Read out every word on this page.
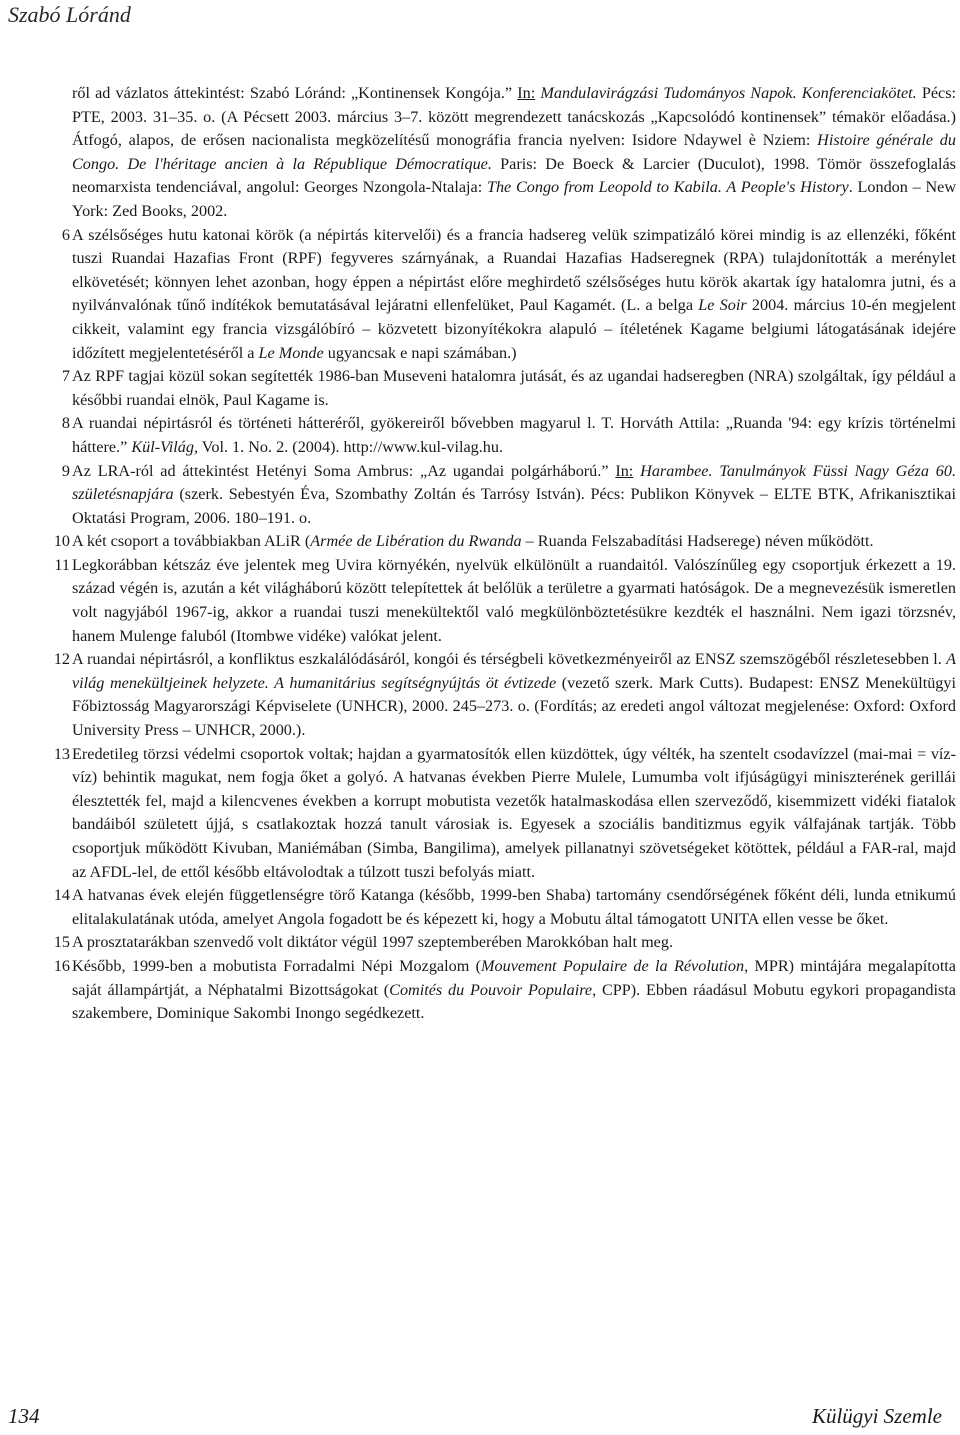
Szabó Lóránd
ről ad vázlatos áttekintést: Szabó Lóránd: „Kontinensek Kongója.” In: Mandulavirágzási Tudományos Napok. Konferenciakötet. Pécs: PTE, 2003. 31–35. o. (A Pécsett 2003. március 3–7. között megrendezett tanácskozás „Kapcsolódó kontinensek” témakör előadása.) Átfogó, alapos, de erősen nacionalista megközelítésű monográfia francia nyelven: Isidore Ndaywel è Nziem: Histoire générale du Congo. De l'héritage ancien à la République Démocratique. Paris: De Boeck & Larcier (Duculot), 1998. Tömör összefoglalás neomarxista tendenciával, angolul: Georges Nzongola-Ntalaja: The Congo from Leopold to Kabila. A People's History. London – New York: Zed Books, 2002.
6 A szélsőséges hutu katonai körök (a népirtás kitervelői) és a francia hadsereg velük szimpatizáló körei mindig is az ellenzéki, főként tuszi Ruandai Hazafias Front (RPF) fegyveres szárnyának, a Ruandai Hazafias Hadseregnek (RPA) tulajdonították a merénylet elkövetését; könnyen lehet azonban, hogy éppen a népirtást előre meghirdető szélsőséges hutu körök akartak így hatalomra jutni, és a nyilvánvalónak tűnő indítékok bemutatásával lejáratni ellenfelüket, Paul Kagamét. (L. a belga Le Soir 2004. március 10-én megjelent cikkeit, valamint egy francia vizsgálóbíró – közvetett bizonyítékokra alapuló – ítéletének Kagame belgiumi látogatásának idejére időzített megjelentetéséről a Le Monde ugyancsak e napi számában.)
7 Az RPF tagjai közül sokan segítették 1986-ban Museveni hatalomra jutását, és az ugandai hadseregben (NRA) szolgáltak, így például a későbbi ruandai elnök, Paul Kagame is.
8 A ruandai népirtásról és történeti hátteréről, gyökereiről bővebben magyarul l. T. Horváth Attila: „Ruanda '94: egy krízis történelmi háttere.” Kül-Világ, Vol. 1. No. 2. (2004). http://www.kul-vilag.hu.
9 Az LRA-ról ad áttekintést Hetényi Soma Ambrus: „Az ugandai polgárháború.” In: Harambee. Tanulmányok Füssi Nagy Géza 60. születésnapjára (szerk. Sebestyén Éva, Szombathy Zoltán és Tarrósy István). Pécs: Publikon Könyvek – ELTE BTK, Afrikanisztikai Oktatási Program, 2006. 180–191. o.
10 A két csoport a továbbiakban ALiR (Armée de Libération du Rwanda – Ruanda Felszabadítási Hadserege) néven működött.
11 Legkorábban kétszáz éve jelentek meg Uvira környékén, nyelvük elkülönült a ruandaitól. Valószínűleg egy csoportjuk érkezett a 19. század végén is, azután a két világháború között telepítettek át belőlük a területre a gyarmati hatóságok. De a megnevezésük ismeretlen volt nagyjából 1967-ig, akkor a ruandai tuszi menekültektől való megkülönböztetésükre kezdték el használni. Nem igazi törzsnév, hanem Mulenge faluból (Itombwe vidéke) valókat jelent.
12 A ruandai népirtásról, a konfliktus eszkalálódásáról, kongói és térségbeli következményeiről az ENSZ szemszögéből részletesebben l. A világ menekültjeinek helyzete. A humanitárius segítségnyújtás öt évtizede (vezető szerk. Mark Cutts). Budapest: ENSZ Menekültügyi Főbiztosság Magyarországi Képviselete (UNHCR), 2000. 245–273. o. (Fordítás; az eredeti angol változat megjelenése: Oxford: Oxford University Press – UNHCR, 2000.).
13 Eredetileg törzsi védelmi csoportok voltak; hajdan a gyarmatosítók ellen küzdöttek, úgy vélték, ha szentelt csodavízzel (mai-mai = víz-víz) behintik magukat, nem fogja őket a golyó. A hatvanas években Pierre Mulele, Lumumba volt ifjúságügyi miniszterének gerillái élesztették fel, majd a kilencvenes években a korrupt mobutista vezetők hatalmaskodása ellen szerveződő, kisemmizett vidéki fiatalok bandáiból született újjá, s csatlakoztak hozzá tanult városiak is. Egyesek a szociális banditizmus egyik válfajának tartják. Több csoportjuk működött Kivuban, Maniémában (Simba, Bangilima), amelyek pillanatnyi szövetségeket kötöttek, például a FAR-ral, majd az AFDL-lel, de ettől később eltávolodtak a túlzott tuszi befolyás miatt.
14 A hatvanas évek elején függetlenségre törő Katanga (később, 1999-ben Shaba) tartomány csendőrségének főként déli, lunda etnikumú elitalakulatának utóda, amelyet Angola fogadott be és képezett ki, hogy a Mobutu által támogatott UNITA ellen vesse be őket.
15 A prosztatarákban szenvedő volt diktátor végül 1997 szeptemberében Marokkóban halt meg.
16 Később, 1999-ben a mobutista Forradalmi Népi Mozgalom (Mouvement Populaire de la Révolution, MPR) mintájára megalapította saját állampártját, a Néphatalmi Bizottságokat (Comités du Pouvoir Populaire, CPP). Ebben ráadásul Mobutu egykori propagandista szakembere, Dominique Sakombi Inongo segédkezett.
134	Külügyi Szemle
